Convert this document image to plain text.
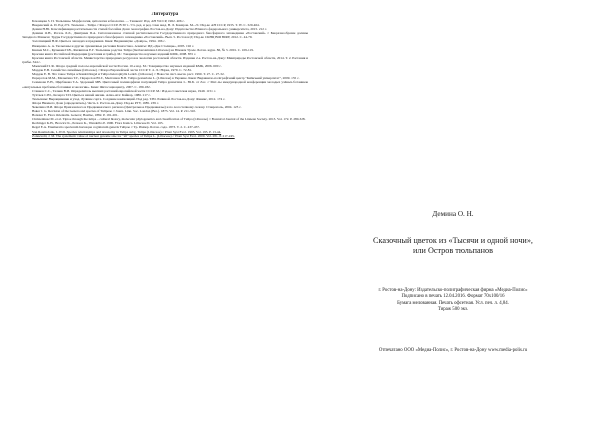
Литература

Бочанцева З. П. Тюльпаны. Морфология, цитология и биология. — Ташкент: Изд. АН УзССР, 1962. 406 с.

Введенский А. И. Род 272. Тюльпан – Tulipa // Флора СССР. В 30 т. / Гл. ред. и ред. тома акад. В. Л. Комаров. М.–Л.: Изд-во АН СССР, 1935. Т. IV. С. 320-464.

Демин Н.Ю. Классификация растительности степей бассейна Дона: монография. Ростов-на-Дону: Издательство Южного федерального университета, 2015. 212 с.

Демина О.Н., Рогаль Л.Л., Дмитриев П.А. Ситогенезонное степной растительности Государственного природного биосферного заповедника «Ростовский» // Биоразнообразие долины Западного Маныча: Труды Государственного природного биосферного заповедника «Ростовский». Вып. 5. Ростов н/Д: Изд-во СКНЦ ВШ ЮФУ, 2012. С. 44-79.

Золотницкий Н.Ф. Цветы в легендах и преданиях. Киев: Видавництво «Довіра», 1994. 196 с.

Иващенко А. А. Тюльпаны и другие луковичные растения Казахстана. Алматы: ИД «Две Столицы», 2005. 192 с.

Князев М.С., Кулыкин П.В., Филиппов Е.Г. Тюльпаны родства Tulipa (bierbersteiniana Liliaceae) на Южном Урале. Ботан. журн. 86, № 3. 2001. С. 109-119.

Красная книга Российской Федерации (растения и грибы). М.: Товарищество научных изданий КМК, 2008. 855 с.

Красная книга Ростовской области. Министерство природных ресурсов и экологии ростовской области. Издание 2-е. Ростов-на-Дону: Минприроды Ростовской области, 2014. Т. 2. Растения и грибы. 344 с.

Маевский П. Ф. Флора средней полосы европейской части России. 10-е изд. М.: Товарищество научных изданий КМК, 2006. 600 с.

Мордак Е.В. Семейство лилейные (Liliaceae) // Флора Европейской части СССР. Т. 4. Л.: Наука, 1979. С. 72-81.

Мордак Е. В. Что такое Tulipa schrenkii Regel и Tulipa heterophylla Ledeb. (Liliaceae) // Новости сист. высш. раст. 1990. Т. 27. С. 27-32.

Перерслов М.М., Малыгина Т.Г., Перерслов Ю.Г., Мелгашов В.П. Tulipa gesneriana L. (Liliaceae) в Украине. Киев: Видавничо-поліграфічний центр "Київський університет", 2009. 155 с.

Семенова Е.Н., Щербакова Т.А. Здоровый МВ. Цветочный полиморфизм популяций Tulipa gesneriana L. Ю.Б. от Zac. // Мат-лы международной конференции молодых учёных-ботаников «Актуальные проблемы ботаники и экологии». Киев: Фитосоциоцентр, 2007. С. 180-182.

Станков С.С., Талиев В.И. Определитель высших растений европейской части СССР. М.: Изд-во Советская наука, 1949. 1151 с.

Тухтаев С.Ю., Кочерга Т.И. Цветы в нашей жизни. Алма-Ата: Кайнар, 1986. 217 с.

Тюльпаны: Выращивание и уход. Лучшие сорта. Создание композиций. Под ред. Т.Ю. Рапиной. Ростов-на-Дону: Феникс, 2012. 174 с.

Флора Нижнего Дона (определитель). Часть 2. Ростов-на-Дону. Изд-во РГУ, 1985. 239 с.

Чевелина И.И. Флора Приазовского и Предкавказского региона (Центральное Предкавказье) и по лесостепному склону. Ставрополь, 2004. 123 с.

Baker J. G. Revision of the Genera and species of Tulipeae // Journ. Linn. Soc. London (Bot.). 1875. Vol. 14. P. 211-310.

Boissier E. Flora Orientalis. Geneva; Basilae, 1882. P. 191-201.

Christenhusz M. et al. Tiptoe through the tulips – cultural history, molecular phylogenetics and classification of Tulipa (Liliaceae) // Botanical Journal of the Linnean Society. 2013. Vol. 172. P. 280-328.

Rechinger K.H., Browicz K., Persson K., Wendelbo P. 1990. Flora Iranica. Liliaceae II. Vol. 165.

Regel E.A. Enumeratio specierum hucusque cognitarum generis Tulipae // Tp. Импер. Ботан. сада. 1873. Т. 2. С. 437-457.

Van Raamsdonk, L.W.D. Species relationships and taxonomy in Tulipa subg. Tulipa (Liliaceae) // Plant Syst Evol. 1995. Vol. 195. P. 13-44.

Zonneveld, J. M. The systematic value of nuclear genome size for "all" species of Tulipa L. (Liliaceae) // Plant Syst Evol. 2009. Vol. 281. P. 217-245.

Демина О. Н.
Сказочный цветок из «Тысячи и одной ночи»,
или Остров тюльпанов
г. Ростов-на-Дону: Издательско-полиграфическая фирма «Медиа-Полис»
Подписано в печать 12.04.2016. Формат 70х100/16
Бумага мелованная. Печать офсетная. Усл. печ. л. 4,84.
Тираж 500 экз.
Отпечатано ООО «Медиа-Полис», г. Ростов-на-Дону www.media-polis.ru
